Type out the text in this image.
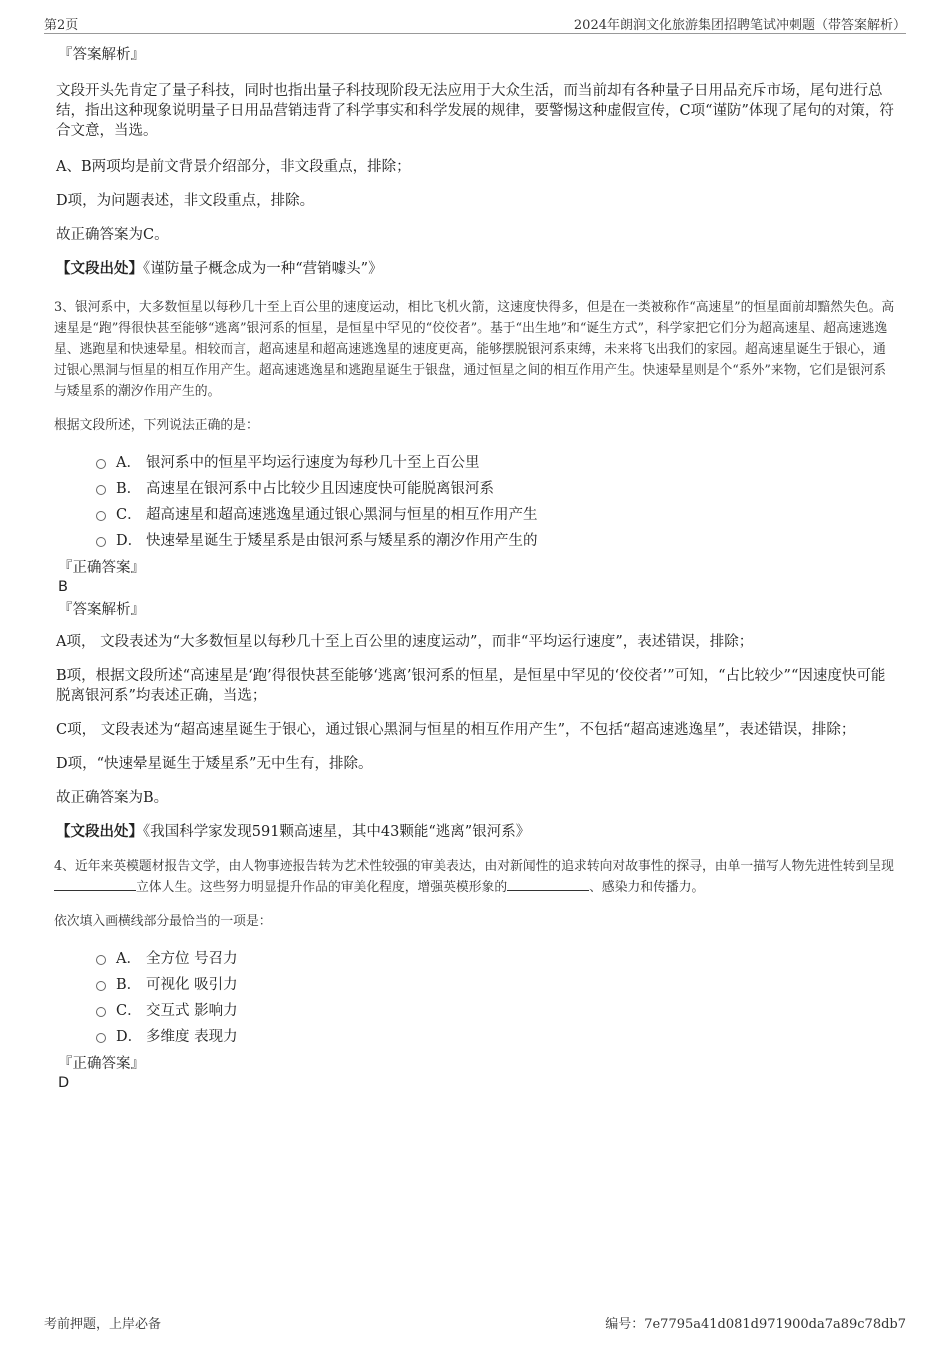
第2页	2024年朗润文化旅游集团招聘笔试冲刺题（带答案解析）
『答案解析』

文段开头先肯定了量子科技，同时也指出量子科技现阶段无法应用于大众生活，而当前却有各种量子日用品充斥市场，尾句进行总结，指出这种现象说明量子日用品营销违背了科学事实和科学发展的规律，要警惕这种虚假宣传，C项“谨防”体现了尾句的对策，符合文意，当选。

A、B两项均是前文背景介绍部分，非文段重点，排除；

D项，为问题表述，非文段重点，排除。

故正确答案为C。

【文段出处】《谨防量子概念成为一种“营销噱头”》

3、银河系中，大多数恒星以每秒几十至上百公里的速度运动，相比飞机火箭，这速度快得多，但是在一类被称作“高速星”的恒星面前却黯然失色。高速星是“跑”得很快甚至能够“逃离”银河系的恒星，是恒星中罕见的“佼佼者”。基于“出生地”和“诞生方式”，科学家把它们分为超高速星、超高速逃逸星、逃跑星和快速晕星。相较而言，超高速星和超高速逃逸星的速度更高，能够摆脱银河系束缚，未来将飞出我们的家园。超高速星诞生于银心，通过银心黑洞与恒星的相互作用产生。超高速逃逸星和逃跑星诞生于银盘，通过恒星之间的相互作用产生。快速晕星则是个“系外”来物，它们是银河系与矮星系的潮汐作用产生的。

根据文段所述，下列说法正确的是：

A． 银河系中的恒星平均运行速度为每秒几十至上百公里
B． 高速星在银河系中占比较少且因速度快可能脱离银河系
C． 超高速星和超高速逃逸星通过银心黑洞与恒星的相互作用产生
D． 快速晕星诞生于矮星系是由银河系与矮星系的潮汐作用产生的
『正确答案』
B
『答案解析』

A项， 文段表述为“大多数恒星以每秒几十至上百公里的速度运动”，而非“平均运行速度”，表述错误，排除；

B项，根据文段所述“高速星是‘跑’得很快甚至能够‘逃离’银河系的恒星，是恒星中罕见的‘佼佼者’”可知，“占比较少”“因速度快可能脱离银河系”均表述正确，当选；

C项， 文段表述为“超高速星诞生于银心，通过银心黑洞与恒星的相互作用产生”，不包括“超高速逃逸星”，表述错误，排除；

D项，“快速晕星诞生于矮星系”无中生有，排除。

故正确答案为B。

【文段出处】《我国科学家发现591颗高速星，其中43颗能“逃离”银河系》

4、近年来英模题材报告文学，由人物事迹报告转为艺术性较强的审美表达，由对新闻性的追求转向对故事性的探寻，由单一描写人物先进性转到呈现立体人生。这些努力明显提升作品的审美化程度，增强英模形象的	、感染力和传播力。

依次填入画横线部分最恰当的一项是：

A． 全方位 号召力
B． 可视化 吸引力
C． 交互式 影响力
D． 多维度 表现力
『正确答案』
D
考前押题，上岸必备	编号：7e7795a41d081d971900da7a89c78db7
